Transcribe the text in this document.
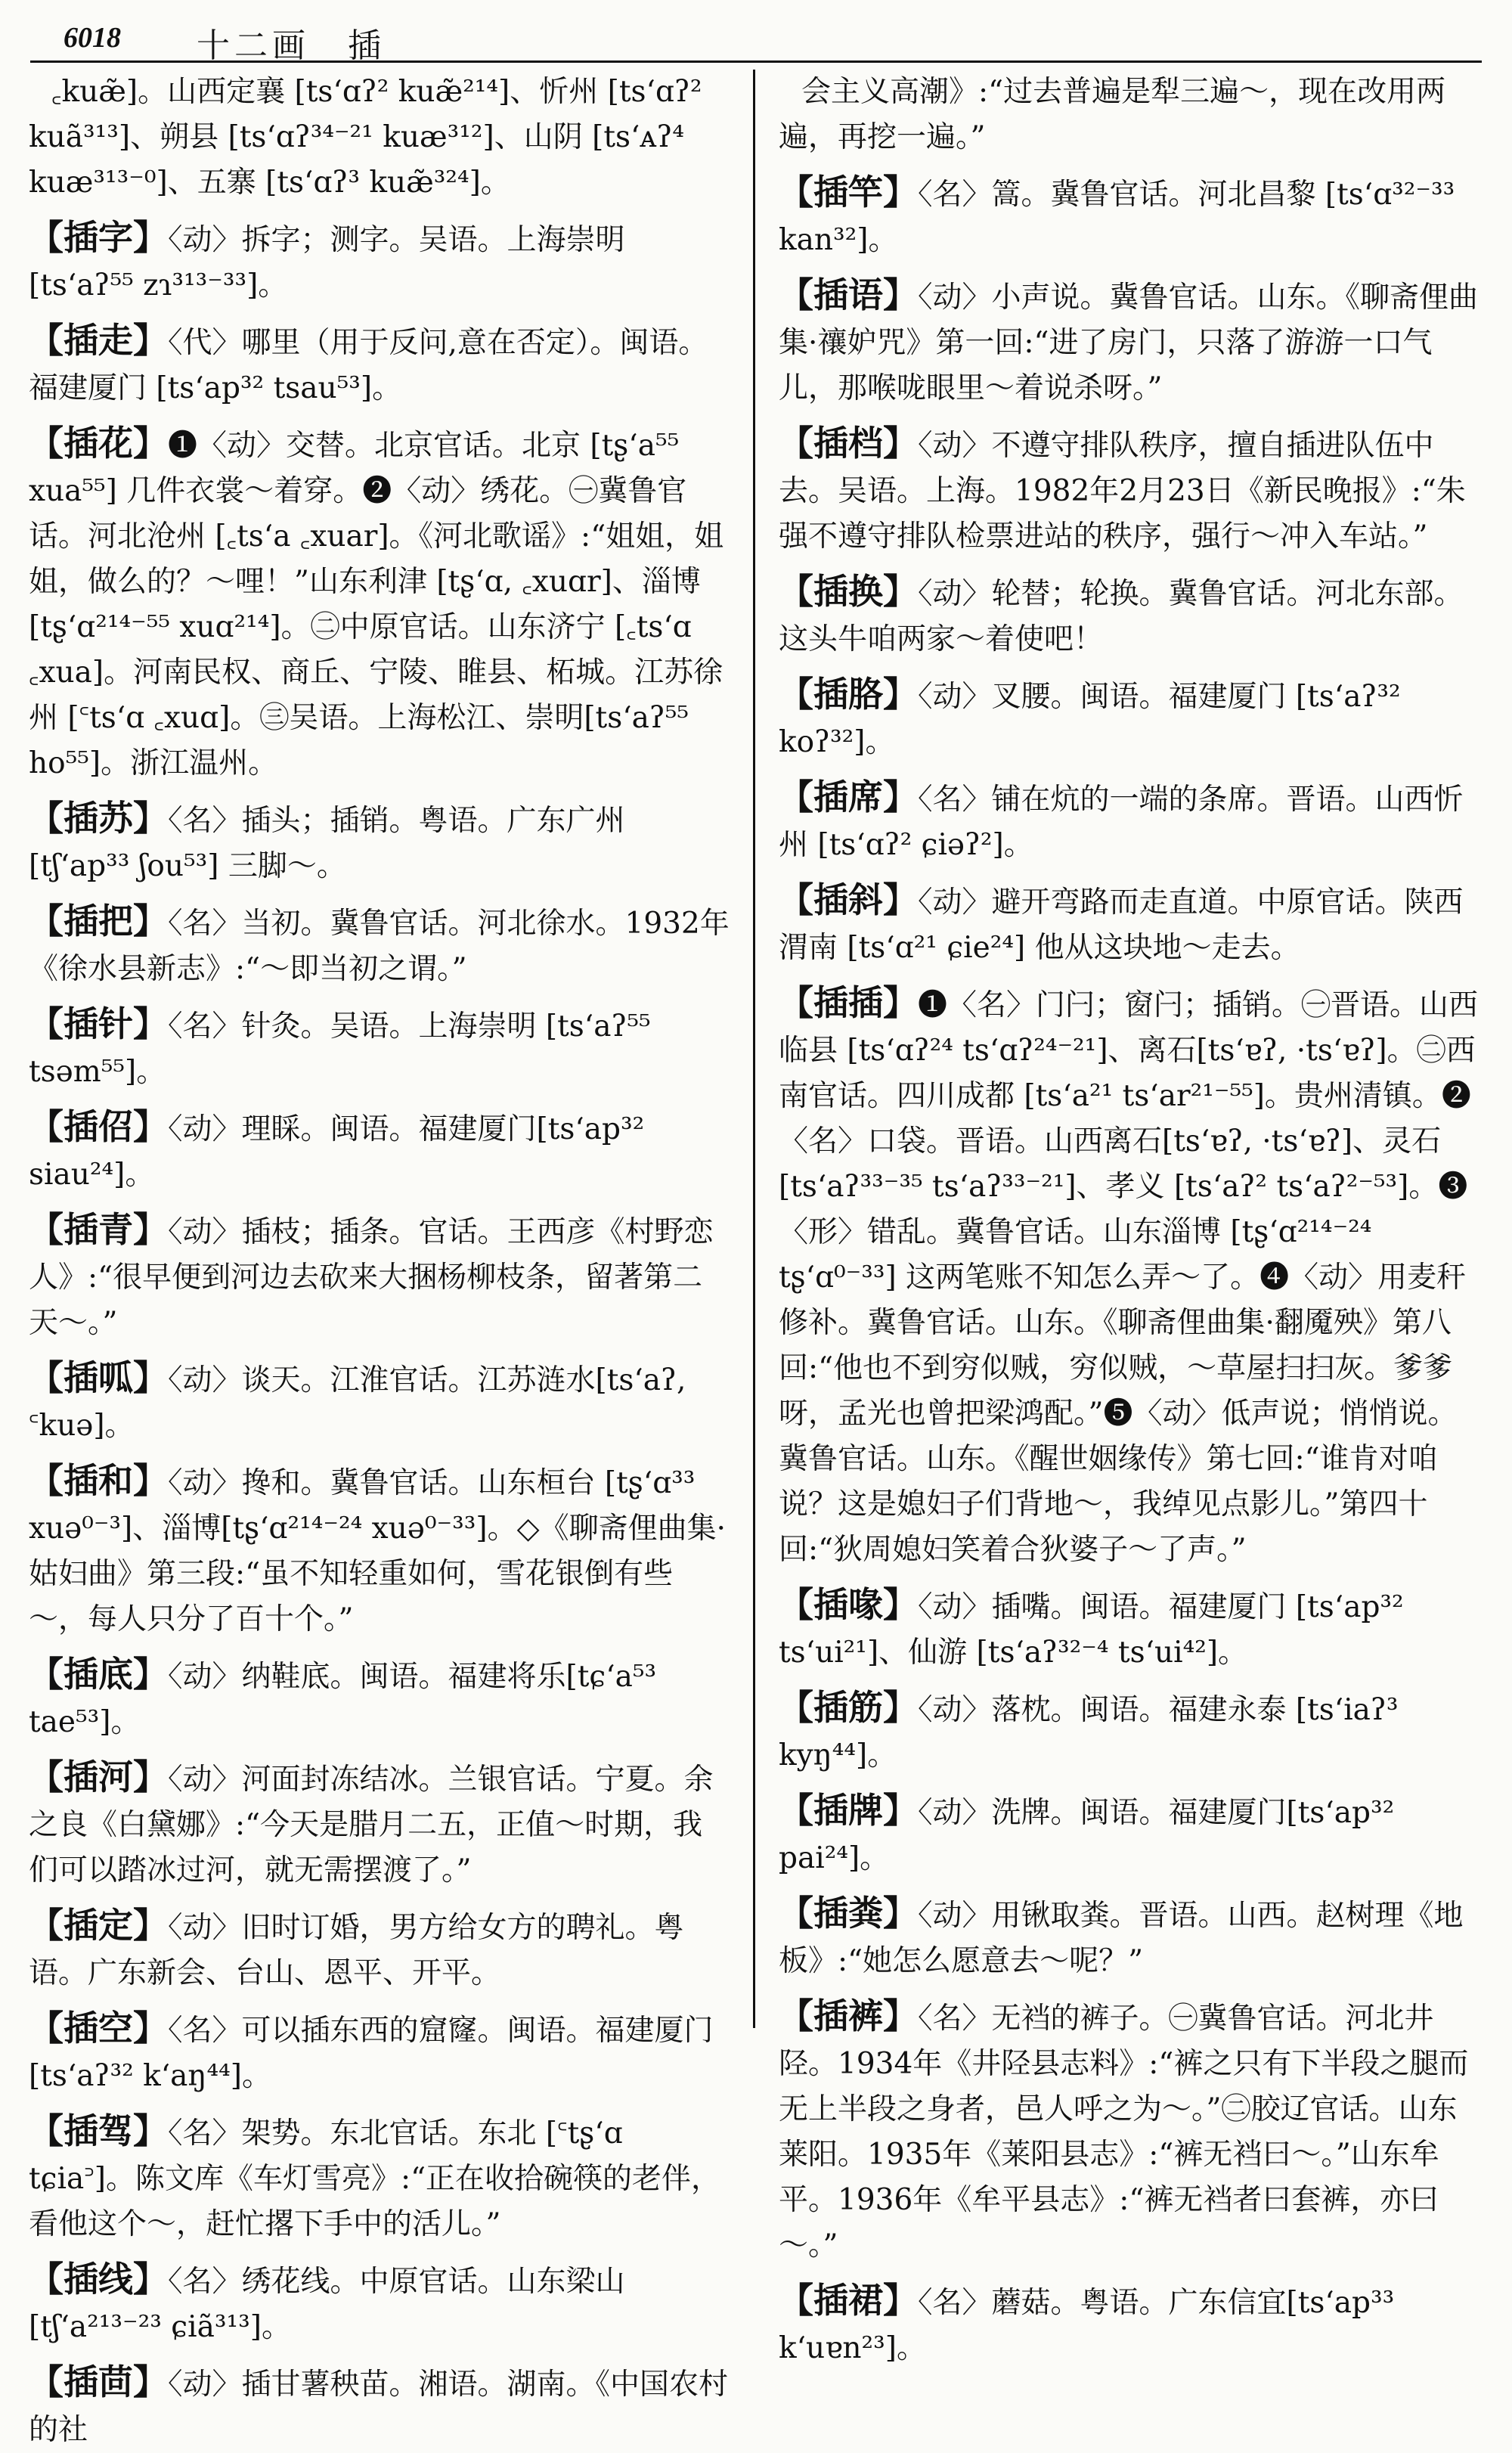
6018 十二画　插

꜀kuæ̃]。山西定襄 [tsʻɑʔ² kuæ̃²¹⁴]、忻州 [tsʻɑʔ² kuã³¹³]、朔县 [tsʻɑʔ³⁴⁻²¹ kuæ³¹²]、山阴 [tsʻᴀʔ⁴ kuæ³¹³⁻⁰]、五寨 [tsʻɑʔ³ kuæ̃³²⁴]。

【插字】〈动〉拆字；测字。吴语。上海崇明 [tsʻaʔ⁵⁵ zɿ³¹³⁻³³]。

【插走】〈代〉哪里（用于反问,意在否定）。闽语。福建厦门 [tsʻap³² tsau⁵³]。

【插花】❶〈动〉交替。北京官话。北京 [tʂʻa⁵⁵ xua⁵⁵] 几件衣裳～着穿。❷〈动〉绣花。㊀冀鲁官话。河北沧州 [꜀tsʻa ꜀xuar]。《河北歌谣》:“姐姐，姐姐，做么的？～哩！”山东利津 [tʂʻɑ, ꜀xuɑr]、淄博 [tʂʻɑ²¹⁴⁻⁵⁵ xuɑ²¹⁴]。㊁中原官话。山东济宁 [꜀tsʻɑ ꜀xua]。河南民权、商丘、宁陵、睢县、柘城。江苏徐州 [꜂tsʻɑ ꜀xuɑ]。㊂吴语。上海松江、崇明[tsʻaʔ⁵⁵ ho⁵⁵]。浙江温州。

【插苏】〈名〉插头；插销。粤语。广东广州 [tʃʻap³³ ʃou⁵³] 三脚～。

【插把】〈名〉当初。冀鲁官话。河北徐水。1932年《徐水县新志》:“～即当初之谓。”

【插针】〈名〉针灸。吴语。上海崇明 [tsʻaʔ⁵⁵ tsəm⁵⁵]。

【插佋】〈动〉理睬。闽语。福建厦门[tsʻap³² siau²⁴]。

【插青】〈动〉插枝；插条。官话。王西彦《村野恋人》:“很早便到河边去砍来大捆杨柳枝条，留著第二天～。”

【插呱】〈动〉谈天。江淮官话。江苏涟水[tsʻaʔ, ꜂kuə]。

【插和】〈动〉搀和。冀鲁官话。山东桓台 [tʂʻɑ³³ xuə⁰⁻³]、淄博[tʂʻɑ²¹⁴⁻²⁴ xuə⁰⁻³³]。◇《聊斋俚曲集·姑妇曲》第三段:“虽不知轻重如何，雪花银倒有些～，每人只分了百十个。”

【插底】〈动〉纳鞋底。闽语。福建将乐[tɕʻa⁵³ tae⁵³]。

【插河】〈动〉河面封冻结冰。兰银官话。宁夏。余之良《白黛娜》:“今天是腊月二五，正值～时期，我们可以踏冰过河，就无需摆渡了。”

【插定】〈动〉旧时订婚，男方给女方的聘礼。粤语。广东新会、台山、恩平、开平。

【插空】〈名〉可以插东西的窟窿。闽语。福建厦门 [tsʻaʔ³² kʻaŋ⁴⁴]。

【插驾】〈名〉架势。东北官话。东北 [꜂tʂʻɑ tɕia꜄]。陈文库《车灯雪亮》:“正在收拾碗筷的老伴，看他这个～，赶忙撂下手中的活儿。”

【插线】〈名〉绣花线。中原官话。山东梁山 [tʃʻa²¹³⁻²³ ɕiã³¹³]。

【插茴】〈动〉插甘薯秧苗。湘语。湖南。《中国农村的社

会主义高潮》:“过去普遍是犁三遍～，现在改用两遍，再挖一遍。”

【插竿】〈名〉篙。冀鲁官话。河北昌黎 [tsʻɑ³²⁻³³ kan³²]。

【插语】〈动〉小声说。冀鲁官话。山东。《聊斋俚曲集·禳妒咒》第一回:“进了房门，只落了游游一口气儿，那喉咙眼里～着说杀呀。”

【插档】〈动〉不遵守排队秩序，擅自插进队伍中去。吴语。上海。1982年2月23日《新民晚报》:“朱强不遵守排队检票进站的秩序，强行～冲入车站。”

【插换】〈动〉轮替；轮换。冀鲁官话。河北东部。这头牛咱两家～着使吧！

【插胳】〈动〉叉腰。闽语。福建厦门 [tsʻaʔ³² koʔ³²]。

【插席】〈名〉铺在炕的一端的条席。晋语。山西忻州 [tsʻɑʔ² ɕiəʔ²]。

【插斜】〈动〉避开弯路而走直道。中原官话。陕西渭南 [tsʻɑ²¹ ɕie²⁴] 他从这块地～走去。

【插插】❶〈名〉门闩；窗闩；插销。㊀晋语。山西临县 [tsʻɑʔ²⁴ tsʻɑʔ²⁴⁻²¹]、离石[tsʻɐʔ, ·tsʻɐʔ]。㊁西南官话。四川成都 [tsʻa²¹ tsʻar²¹⁻⁵⁵]。贵州清镇。❷〈名〉口袋。晋语。山西离石[tsʻɐʔ, ·tsʻɐʔ]、灵石[tsʻaʔ³³⁻³⁵ tsʻaʔ³³⁻²¹]、孝义 [tsʻaʔ² tsʻaʔ²⁻⁵³]。❸〈形〉错乱。冀鲁官话。山东淄博 [tʂʻɑ²¹⁴⁻²⁴ tʂʻɑ⁰⁻³³] 这两笔账不知怎么弄～了。❹〈动〉用麦秆修补。冀鲁官话。山东。《聊斋俚曲集·翻魇殃》第八回:“他也不到穷似贼，穷似贼，～草屋扫扫灰。爹爹呀，孟光也曾把梁鸿配。”❺〈动〉低声说；悄悄说。冀鲁官话。山东。《醒世姻缘传》第七回:“谁肯对咱说？这是媳妇子们背地～，我绰见点影儿。”第四十回:“狄周媳妇笑着合狄婆子～了声。”

【插喙】〈动〉插嘴。闽语。福建厦门 [tsʻap³² tsʻui²¹]、仙游 [tsʻaʔ³²⁻⁴ tsʻui⁴²]。

【插筋】〈动〉落枕。闽语。福建永泰 [tsʻiaʔ³ kyŋ⁴⁴]。

【插牌】〈动〉洗牌。闽语。福建厦门[tsʻap³² pai²⁴]。

【插粪】〈动〉用锹取粪。晋语。山西。赵树理《地板》:“她怎么愿意去～呢？”

【插裤】〈名〉无裆的裤子。㊀冀鲁官话。河北井陉。1934年《井陉县志料》:“裤之只有下半段之腿而无上半段之身者，邑人呼之为～。”㊁胶辽官话。山东莱阳。1935年《莱阳县志》:“裤无裆曰～。”山东牟平。1936年《牟平县志》:“裤无裆者曰套裤，亦曰～。”

【插裙】〈名〉蘑菇。粤语。广东信宜[tsʻap³³ kʻuɐn²³]。
